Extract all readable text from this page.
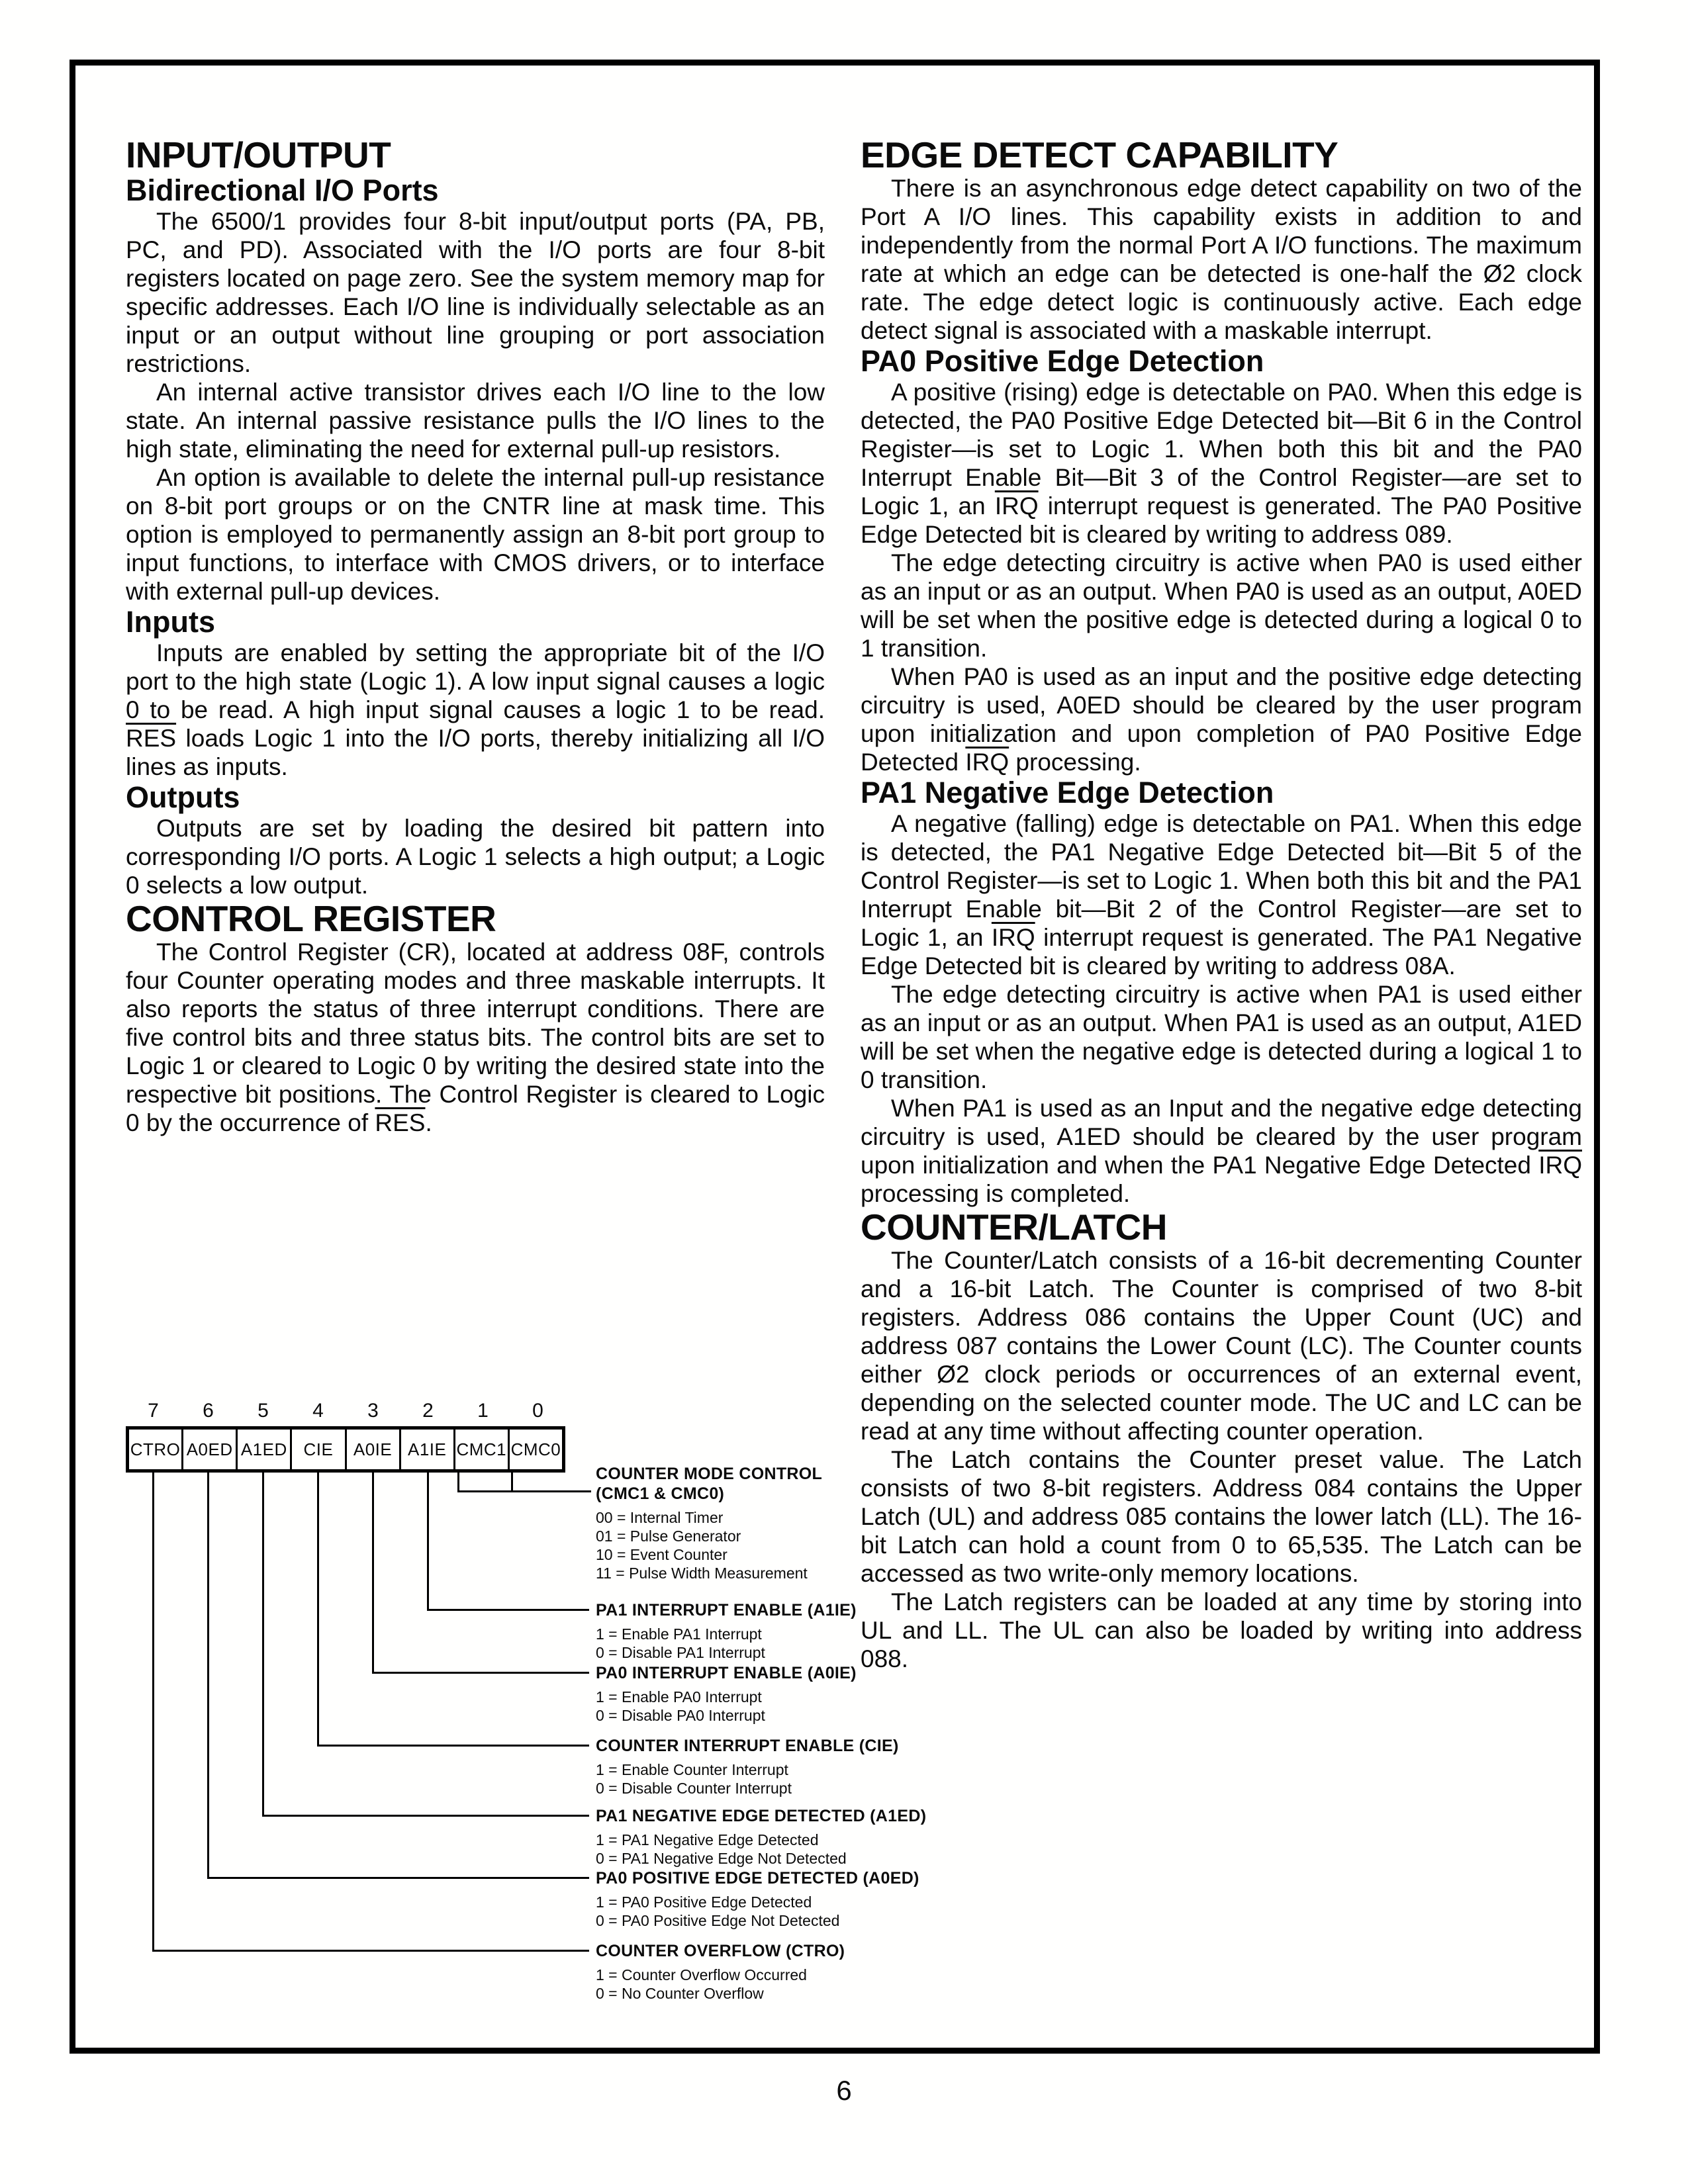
INPUT/OUTPUT
Bidirectional I/O Ports

The 6500/1 provides four 8-bit input/output ports (PA, PB, PC, and PD). Associated with the I/O ports are four 8-bit registers located on page zero. See the system memory map for specific addresses. Each I/O line is individually selectable as an input or an output without line grouping or port association restrictions.

An internal active transistor drives each I/O line to the low state. An internal passive resistance pulls the I/O lines to the high state, eliminating the need for external pull-up resistors.

An option is available to delete the internal pull-up resistance on 8-bit port groups or on the CNTR line at mask time. This option is employed to permanently assign an 8-bit port group to input functions, to interface with CMOS drivers, or to interface with external pull-up devices.

Inputs

Inputs are enabled by setting the appropriate bit of the I/O port to the high state (Logic 1). A low input signal causes a logic 0 to be read. A high input signal causes a logic 1 to be read. $\overline{RES}$ loads Logic 1 into the I/O ports, thereby initializing all I/O lines as inputs.

Outputs

Outputs are set by loading the desired bit pattern into corresponding I/O ports. A Logic 1 selects a high output; a Logic 0 selects a low output.

CONTROL REGISTER

The Control Register (CR), located at address 08F, controls four Counter operating modes and three maskable interrupts. It also reports the status of three interrupt conditions. There are five control bits and three status bits. The control bits are set to Logic 1 or cleared to Logic 0 by writing the desired state into the respective bit positions. The Control Register is cleared to Logic 0 by the occurrence of $\overline{RES}$.

7	6	5	4	3	2	1	0
CTRO A0ED A1ED CIE	A0IE A1IE CMC1 CMC0
COUNTER MODE CONTROL
(CMC1 & CMC0)
00 = Internal Timer
01 = Pulse Generator
10 = Event Counter
11 = Pulse Width Measurement
PA1 INTERRUPT ENABLE (A1IE)
1 = Enable PA1 Interrupt
0 = Disable PA1 Interrupt
PA0 INTERRUPT ENABLE (A0IE)
1 = Enable PA0 Interrupt
0 = Disable PA0 Interrupt
COUNTER INTERRUPT ENABLE (CIE)
1 = Enable Counter Interrupt
0 = Disable Counter Interrupt
PA1 NEGATIVE EDGE DETECTED (A1ED)
1 = PA1 Negative Edge Detected
0 = PA1 Negative Edge Not Detected
PA0 POSITIVE EDGE DETECTED (A0ED)
1 = PA0 Positive Edge Detected
0 = PA0 Positive Edge Not Detected
COUNTER OVERFLOW (CTRO)
1 = Counter Overflow Occurred
0 = No Counter Overflow
EDGE DETECT CAPABILITY

There is an asynchronous edge detect capability on two of the Port A I/O lines. This capability exists in addition to and independently from the normal Port A I/O functions. The maximum rate at which an edge can be detected is one-half the Ø2 clock rate. The edge detect logic is continuously active. Each edge detect signal is associated with a maskable interrupt.

PA0 Positive Edge Detection

A positive (rising) edge is detectable on PA0. When this edge is detected, the PA0 Positive Edge Detected bit—Bit 6 in the Control Register—is set to Logic 1. When both this bit and the PA0 Interrupt Enable Bit—Bit 3 of the Control Register—are set to Logic 1, an $\overline{IRQ}$ interrupt request is generated. The PA0 Positive Edge Detected bit is cleared by writing to address 089.

The edge detecting circuitry is active when PA0 is used either as an input or as an output. When PA0 is used as an output, A0ED will be set when the positive edge is detected during a logical 0 to 1 transition.

When PA0 is used as an input and the positive edge detecting circuitry is used, A0ED should be cleared by the user program upon initialization and upon completion of PA0 Positive Edge Detected $\overline{IRQ}$ processing.

PA1 Negative Edge Detection

A negative (falling) edge is detectable on PA1. When this edge is detected, the PA1 Negative Edge Detected bit—Bit 5 of the Control Register—is set to Logic 1. When both this bit and the PA1 Interrupt Enable bit—Bit 2 of the Control Register—are set to Logic 1, an $\overline{IRQ}$ interrupt request is generated. The PA1 Negative Edge Detected bit is cleared by writing to address 08A.

The edge detecting circuitry is active when PA1 is used either as an input or as an output. When PA1 is used as an output, A1ED will be set when the negative edge is detected during a logical 1 to 0 transition.

When PA1 is used as an Input and the negative edge detecting circuitry is used, A1ED should be cleared by the user program upon initialization and when the PA1 Negative Edge Detected $\overline{IRQ}$ processing is completed.

COUNTER/LATCH

The Counter/Latch consists of a 16-bit decrementing Counter and a 16-bit Latch. The Counter is comprised of two 8-bit registers. Address 086 contains the Upper Count (UC) and address 087 contains the Lower Count (LC). The Counter counts either Ø2 clock periods or occurrences of an external event, depending on the selected counter mode. The UC and LC can be read at any time without affecting counter operation.

The Latch contains the Counter preset value. The Latch consists of two 8-bit registers. Address 084 contains the Upper Latch (UL) and address 085 contains the lower latch (LL). The 16-bit Latch can hold a count from 0 to 65,535. The Latch can be accessed as two write-only memory locations.

The Latch registers can be loaded at any time by storing into UL and LL. The UL can also be loaded by writing into address 088.

6
